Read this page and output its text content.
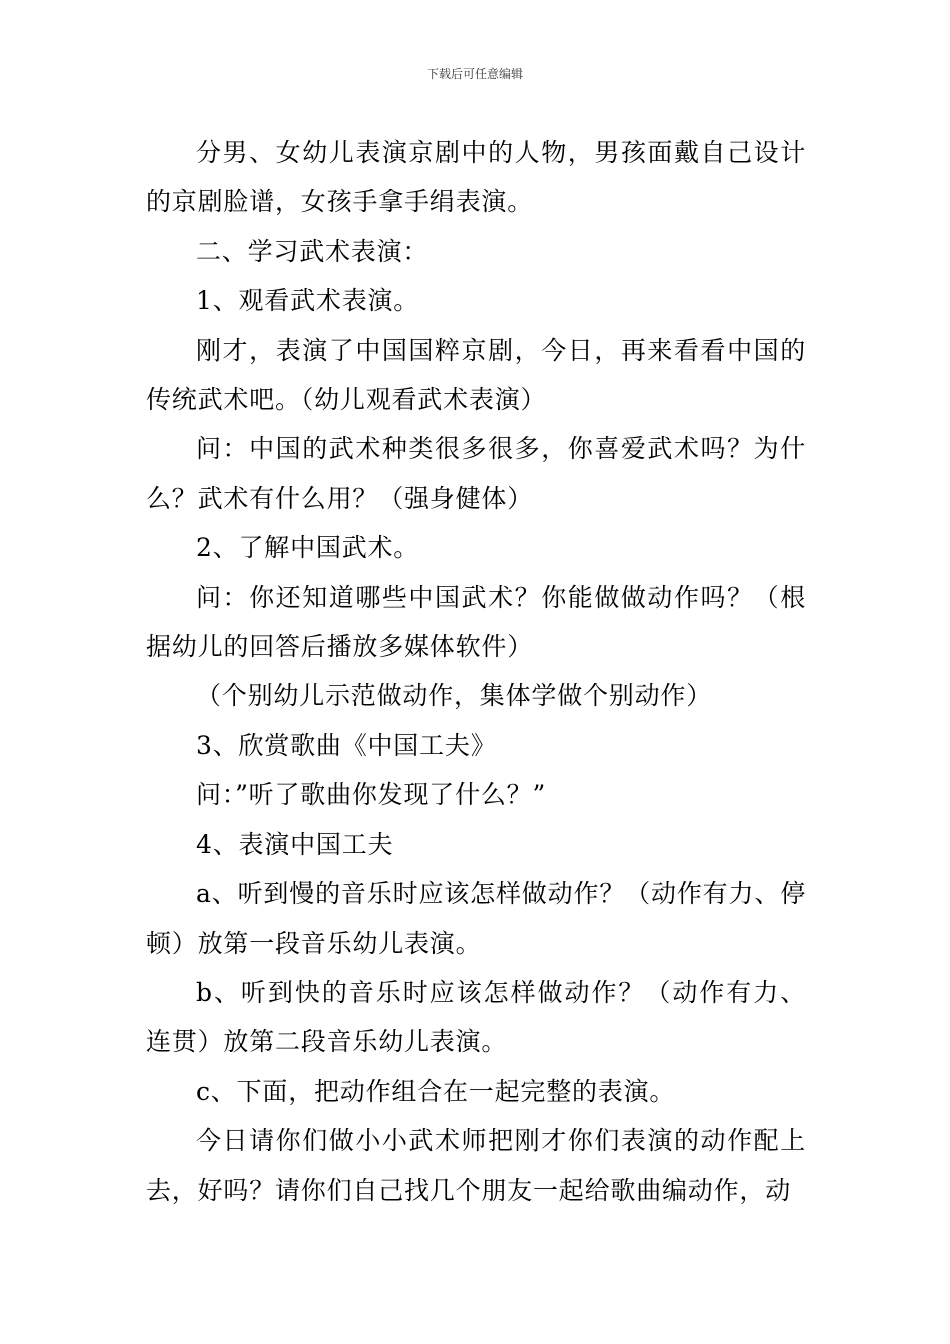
下载后可任意编辑

分男、女幼儿表演京剧中的人物，男孩面戴自己设计的京剧脸谱，女孩手拿手绢表演。

二、学习武术表演：

1、观看武术表演。

刚才，表演了中国国粹京剧，今日，再来看看中国的传统武术吧。（幼儿观看武术表演）

问：中国的武术种类很多很多，你喜爱武术吗？为什么？武术有什么用？（强身健体）

2、了解中国武术。

问：你还知道哪些中国武术？你能做做动作吗？（根据幼儿的回答后播放多媒体软件）

（个别幼儿示范做动作，集体学做个别动作）

3、欣赏歌曲《中国工夫》

问：”听了歌曲你发现了什么？”

4、表演中国工夫

a、听到慢的音乐时应该怎样做动作？（动作有力、停顿）放第一段音乐幼儿表演。

b、听到快的音乐时应该怎样做动作？（动作有力、连贯）放第二段音乐幼儿表演。

c、下面，把动作组合在一起完整的表演。

今日请你们做小小武术师把刚才你们表演的动作配上去，好吗？请你们自己找几个朋友一起给歌曲编动作，动
